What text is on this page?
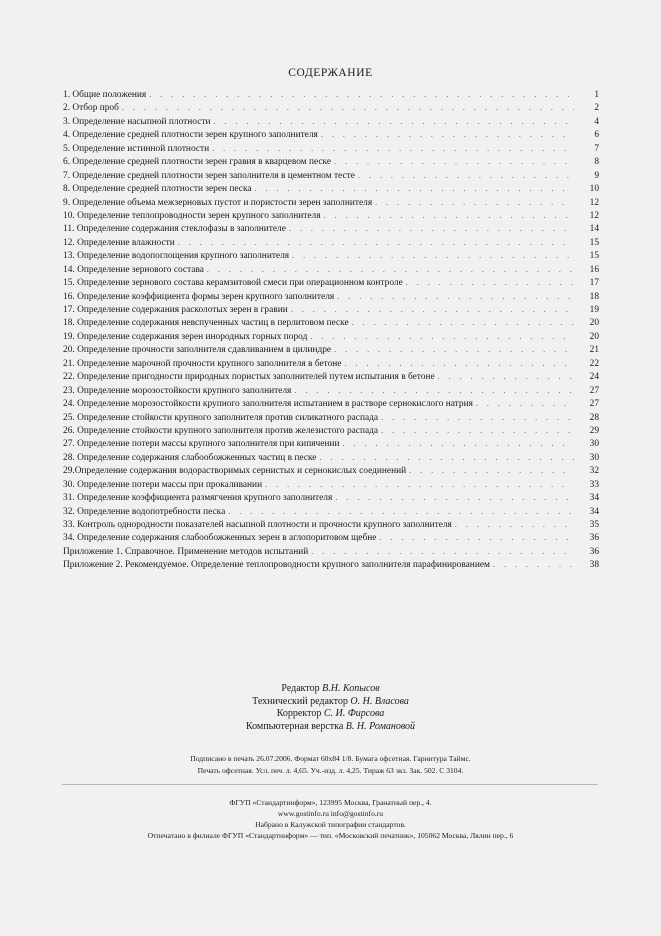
СОДЕРЖАНИЕ
1. Общие положения . . .	1
2. Отбор проб . . .	2
3. Определение насыпной плотности . . .	4
4. Определение средней плотности зерен крупного заполнителя . . .	6
5. Определение истинной плотности . . .	7
6. Определение средней плотности зерен гравия в кварцевом песке . . .	8
7. Определение средней плотности зерен заполнителя в цементном тесте . . .	9
8. Определение средней плотности зерен песка . . .	10
9. Определение объема межзерновых пустот и пористости зерен заполнителя . . .	12
10. Определение теплопроводности зерен крупного заполнителя . . .	12
11. Определение содержания стеклофазы в заполнителе . . .	14
12. Определение влажности . . .	15
13. Определение водопоглощения крупного заполнителя . . .	15
14. Определение зернового состава . . .	16
15. Определение зернового состава керамзитовой смеси при операционном контроле . . .	17
16. Определение коэффициента формы зерен крупного заполнителя . . .	18
17. Определение содержания расколотых зерен в гравии . . .	19
18. Определение содержания невспученных частиц в перлитовом песке . . .	20
19. Определение содержания зерен инородных горных пород . . .	20
20. Определение прочности заполнителя сдавливанием в цилиндре . . .	21
21. Определение марочной прочности крупного заполнителя в бетоне . . .	22
22. Определение пригодности природных пористых заполнителей путем испытания в бетоне . . .	24
23. Определение морозостойкости крупного заполнителя . . .	27
24. Определение морозостойкости крупного заполнителя испытанием в растворе сернокислого натрия . . .	27
25. Определение стойкости крупного заполнителя против силикатного распада . . .	28
26. Определение стойкости крупного заполнителя против железистого распада . . .	29
27. Определение потери массы крупного заполнителя при кипячении . . .	30
28. Определение содержания слабообожженных частиц в песке . . .	30
29.Определение содержания водорастворимых сернистых и сернокислых соединений . . .	32
30. Определение потери массы при прокаливании . . .	33
31. Определение коэффициента размягчения крупного заполнителя . . .	34
32. Определение водопотребности песка . . .	34
33. Контроль однородности показателей насыпной плотности и прочности крупного заполнителя . . .	35
34. Определение содержания слабообожженных зерен в аглопоритовом щебне . . .	36
Приложение 1. Справочное. Применение методов испытаний . . .	36
Приложение 2. Рекомендуемое. Определение теплопроводности крупного заполнителя парафинированием . . .	38
Редактор В.Н. Копысов
Технический редактор О. Н. Власова
Корректор С. И. Фирсова
Компьютерная верстка В. Н. Романовой
Подписано в печать 26.07.2006. Формат 60х84 1/8. Бумага офсетная. Гарнитура Таймс.
Печать офсетная. Усл. печ. л. 4,65. Уч.-изд. л. 4,25. Тираж 63 экз. Зак. 502. С 3104.
ФГУП «Стандартинформ», 123995 Москва, Гранатный пер., 4.
www.gostinfo.ru info@gostinfo.ru
Набрано в Калужской типографии стандартов.
Отпечатано в филиале ФГУП «Стандартинформ» — тип. «Московский печатник», 105062 Москва, Лялин пер., 6
